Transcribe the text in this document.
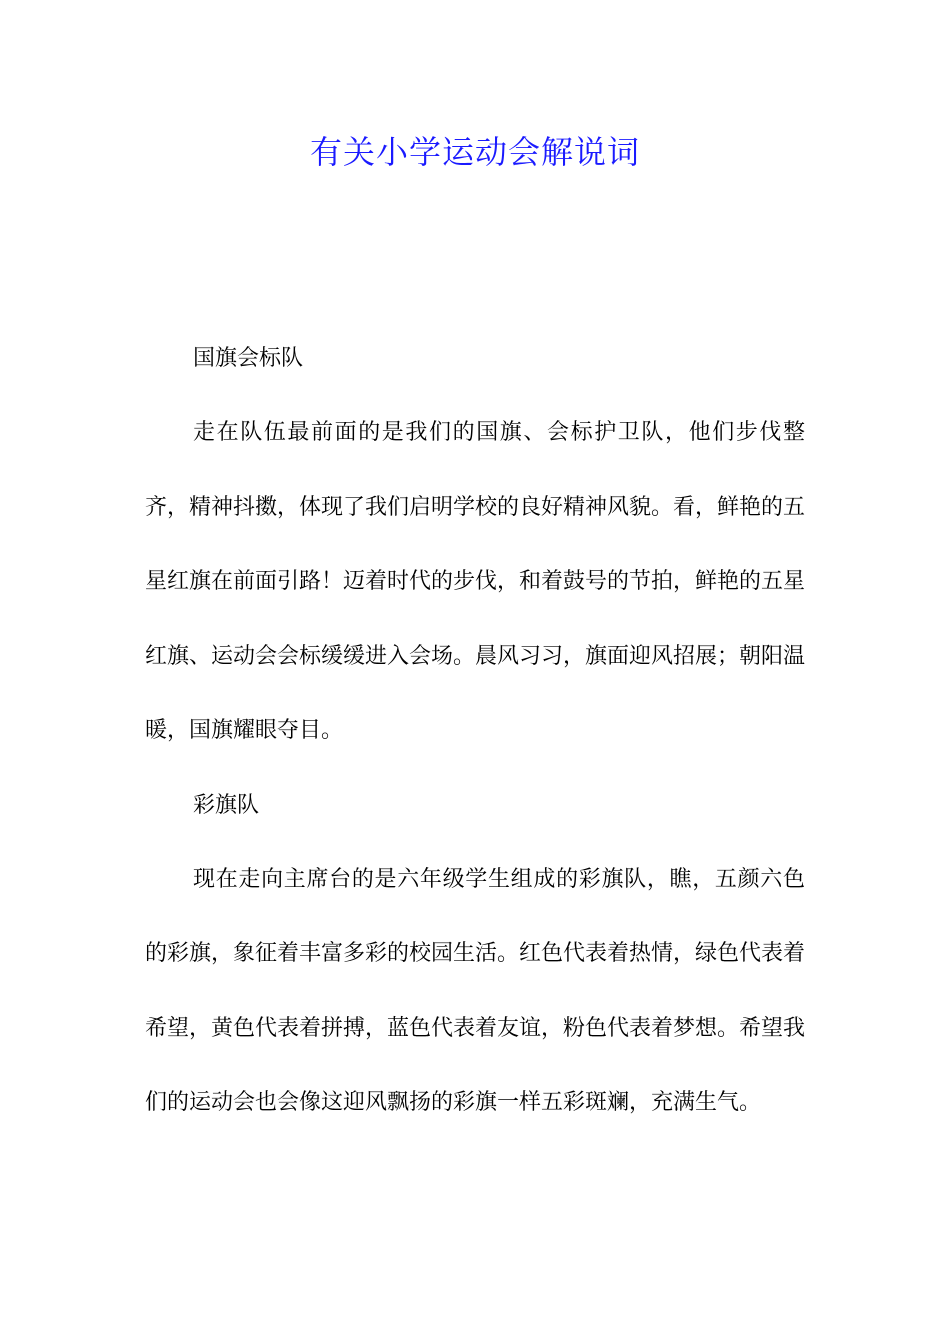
有关小学运动会解说词

国旗会标队

走在队伍最前面的是我们的国旗、会标护卫队，他们步伐整齐，精神抖擞，体现了我们启明学校的良好精神风貌。看，鲜艳的五星红旗在前面引路！迈着时代的步伐，和着鼓号的节拍，鲜艳的五星红旗、运动会会标缓缓进入会场。晨风习习，旗面迎风招展；朝阳温暖，国旗耀眼夺目。

彩旗队

现在走向主席台的是六年级学生组成的彩旗队，瞧，五颜六色的彩旗，象征着丰富多彩的校园生活。红色代表着热情，绿色代表着希望，黄色代表着拼搏，蓝色代表着友谊，粉色代表着梦想。希望我们的运动会也会像这迎风飘扬的彩旗一样五彩斑斓，充满生气。
